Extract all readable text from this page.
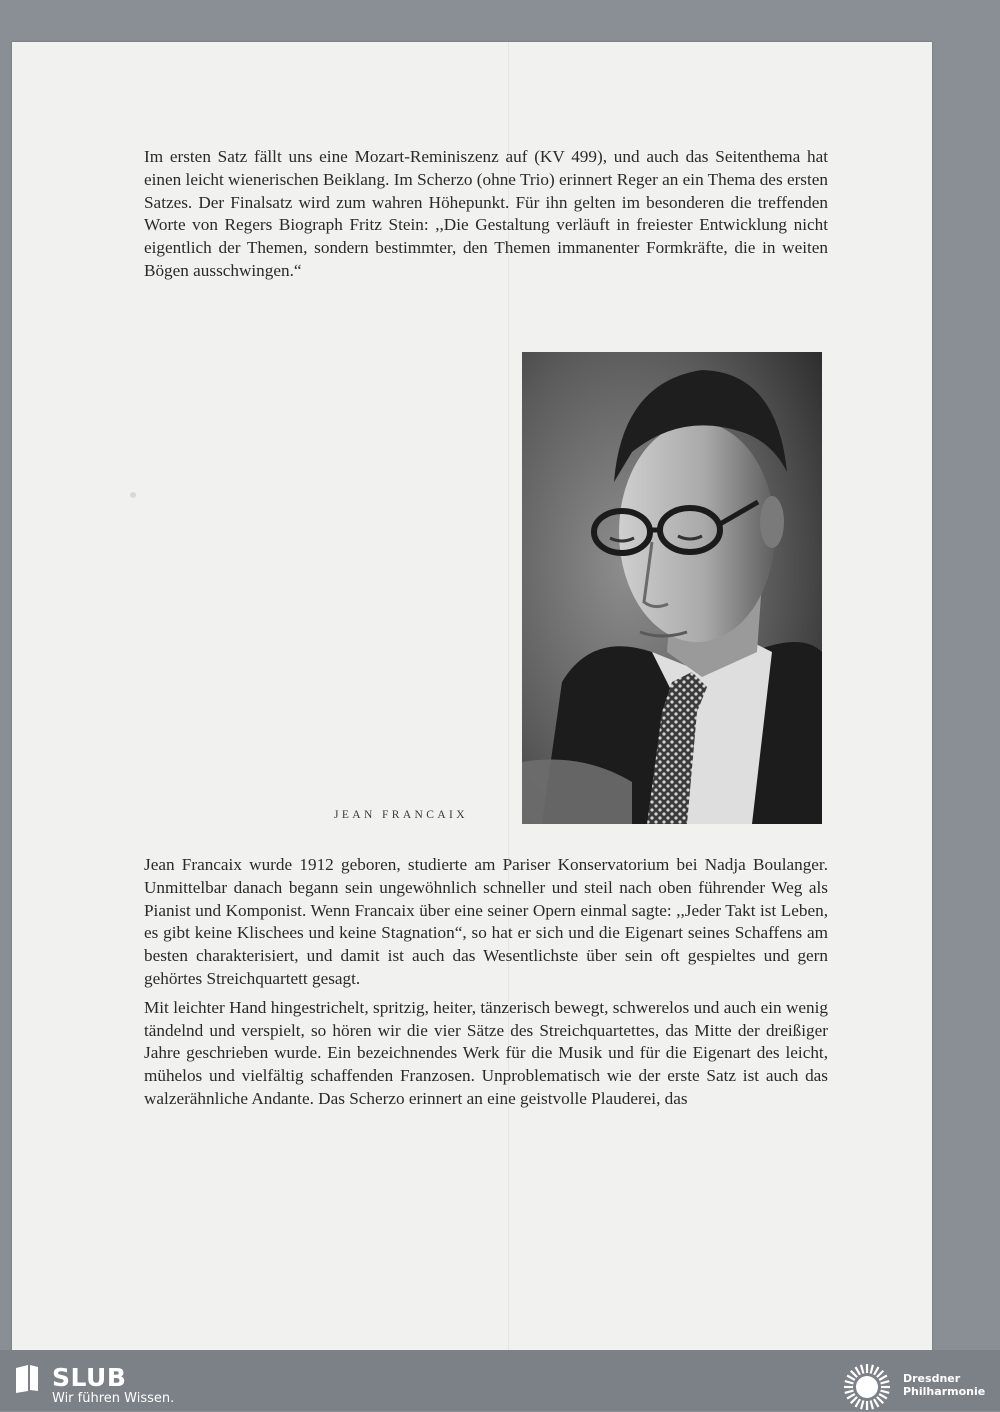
Im ersten Satz fällt uns eine Mozart-Reminiszenz auf (KV 499), und auch das Seitenthema hat einen leicht wienerischen Beiklang. Im Scherzo (ohne Trio) erinnert Reger an ein Thema des ersten Satzes. Der Finalsatz wird zum wahren Höhepunkt. Für ihn gelten im besonderen die treffenden Worte von Regers Biograph Fritz Stein: ,,Die Gestaltung verläuft in freiester Entwicklung nicht eigentlich der Themen, sondern bestimmter, den Themen immanenter Formkräfte, die in weiten Bögen ausschwingen.“

JEAN FRANCAIX

Jean Francaix wurde 1912 geboren, studierte am Pariser Konservatorium bei Nadja Boulanger. Unmittelbar danach begann sein ungewöhnlich schneller und steil nach oben führender Weg als Pianist und Komponist. Wenn Francaix über eine seiner Opern einmal sagte: ,,Jeder Takt ist Leben, es gibt keine Klischees und keine Stagnation“, so hat er sich und die Eigenart seines Schaffens am besten charakterisiert, und damit ist auch das Wesentlichste über sein oft gespieltes und gern gehörtes Streichquartett gesagt.

Mit leichter Hand hingestrichelt, spritzig, heiter, tänzerisch bewegt, schwerelos und auch ein wenig tändelnd und verspielt, so hören wir die vier Sätze des Streichquartettes, das Mitte der dreißiger Jahre geschrieben wurde. Ein bezeichnendes Werk für die Musik und für die Eigenart des leicht, mühelos und vielfältig schaffenden Franzosen. Unproblematisch wie der erste Satz ist auch das walzerähnliche Andante. Das Scherzo erinnert an eine geistvolle Plauderei, das

SLUB
Wir führen Wissen.
Dresdner
Philharmonie
